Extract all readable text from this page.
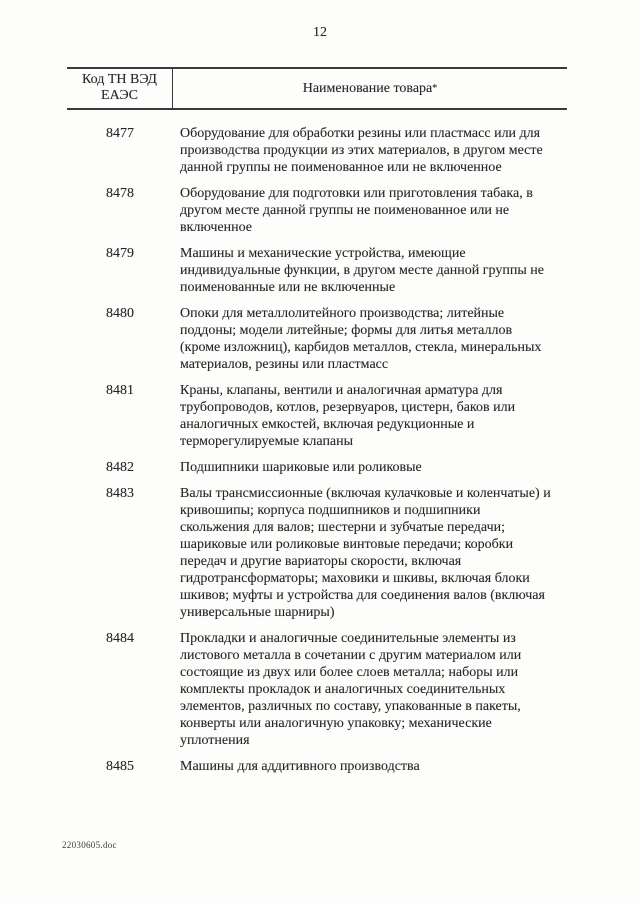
12
Код ТН ВЭД ЕАЭС	Наименование товара *
8477	Оборудование для обработки резины или пластмасс или для производства продукции из этих материалов, в другом месте данной группы не поименованное или не включенное
8478	Оборудование для подготовки или приготовления табака, в другом месте данной группы не поименованное или не включенное
8479	Машины и механические устройства, имеющие индивидуальные функции, в другом месте данной группы не поименованные или не включенные
8480	Опоки для металлолитейного производства; литейные поддоны; модели литейные; формы для литья металлов (кроме изложниц), карбидов металлов, стекла, минеральных материалов, резины или пластмасс
8481	Краны, клапаны, вентили и аналогичная арматура для трубопроводов, котлов, резервуаров, цистерн, баков или аналогичных емкостей, включая редукционные и терморегулируемые клапаны
8482	Подшипники шариковые или роликовые
8483	Валы трансмиссионные (включая кулачковые и коленчатые) и кривошипы; корпуса подшипников и подшипники скольжения для валов; шестерни и зубчатые передачи; шариковые или роликовые винтовые передачи; коробки передач и другие вариаторы скорости, включая гидротрансформаторы; маховики и шкивы, включая блоки шкивов; муфты и устройства для соединения валов (включая универсальные шарниры)
8484	Прокладки и аналогичные соединительные элементы из листового металла в сочетании с другим материалом или состоящие из двух или более слоев металла; наборы или комплекты прокладок и аналогичных соединительных элементов, различных по составу, упакованные в пакеты, конверты или аналогичную упаковку; механические уплотнения
8485	Машины для аддитивного производства
22030605.doc
